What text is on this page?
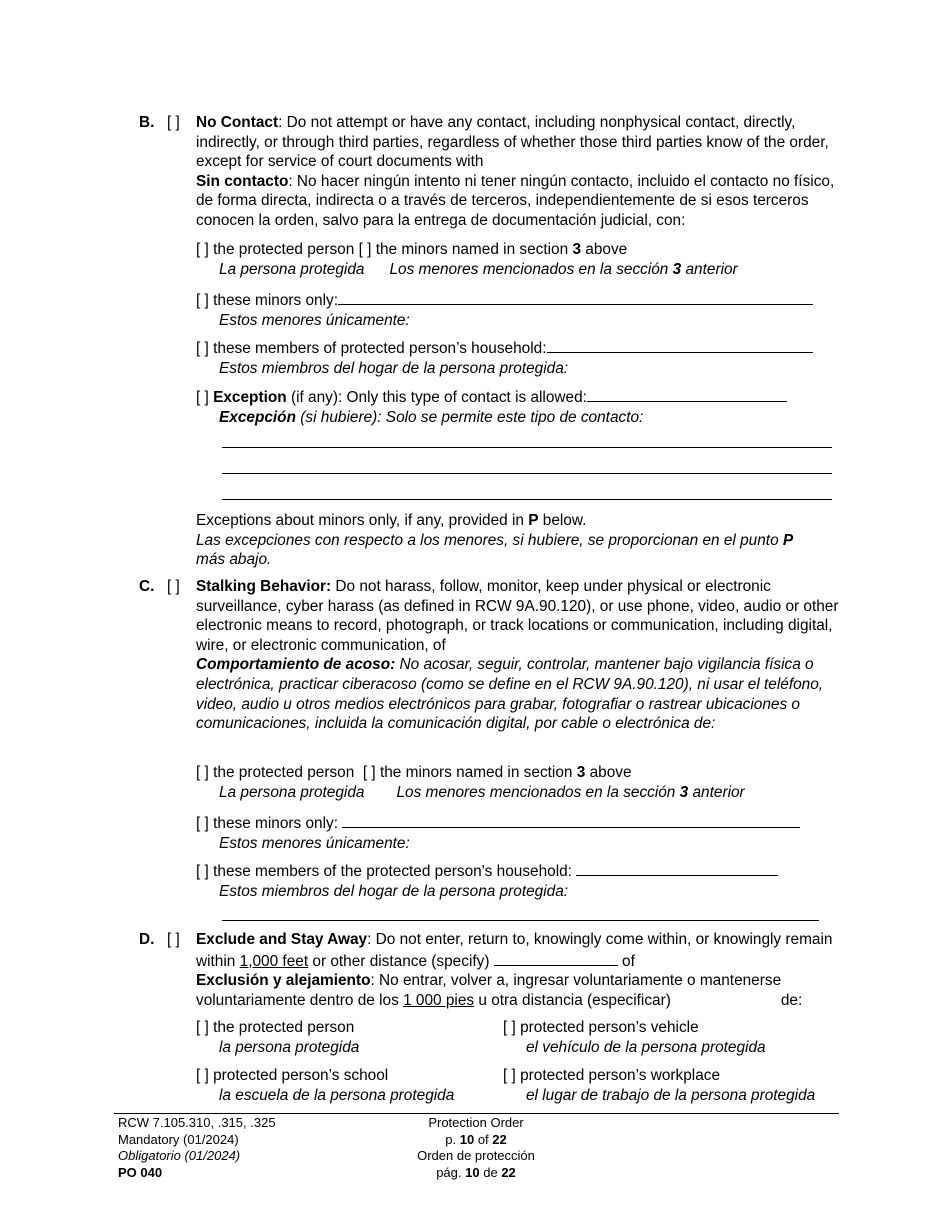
B. [ ] No Contact: Do not attempt or have any contact, including nonphysical contact, directly, indirectly, or through third parties, regardless of whether those third parties know of the order, except for service of court documents with
Sin contacto: No hacer ningún intento ni tener ningún contacto, incluido el contacto no físico, de forma directa, indirecta o a través de terceros, independientemente de si esos terceros conocen la orden, salvo para la entrega de documentación judicial, con:
[ ] the protected person [ ] the minors named in section 3 above
La persona protegida Los menores mencionados en la sección 3 anterior
[ ] these minors only:
Estos menores únicamente:
[ ] these members of protected person’s household:
Estos miembros del hogar de la persona protegida:
[ ] Exception (if any): Only this type of contact is allowed:
Excepción (si hubiere): Solo se permite este tipo de contacto:
Exceptions about minors only, if any, provided in P below.
Las excepciones con respecto a los menores, si hubiere, se proporcionan en el punto P más abajo.
C. [ ] Stalking Behavior: Do not harass, follow, monitor, keep under physical or electronic surveillance, cyber harass (as defined in RCW 9A.90.120), or use phone, video, audio or other electronic means to record, photograph, or track locations or communication, including digital, wire, or electronic communication, of
Comportamiento de acoso: No acosar, seguir, controlar, mantener bajo vigilancia física o electrónica, practicar ciberacoso (como se define en el RCW 9A.90.120), ni usar el teléfono, video, audio u otros medios electrónicos para grabar, fotografiar o rastrear ubicaciones o comunicaciones, incluida la comunicación digital, por cable o electrónica de:
[ ] the protected person [ ] the minors named in section 3 above
La persona protegida Los menores mencionados en la sección 3 anterior
[ ] these minors only:
Estos menores únicamente:
[ ] these members of the protected person's household:
Estos miembros del hogar de la persona protegida:
D. [ ] Exclude and Stay Away: Do not enter, return to, knowingly come within, or knowingly remain within 1,000 feet or other distance (specify)	of
Exclusión y alejamiento: No entrar, volver a, ingresar voluntariamente o mantenerse voluntariamente dentro de los 1 000 pies u otra distancia (especificar)	de:
[ ] the protected person
la persona protegida
[ ] protected person’s vehicle
el vehículo de la persona protegida
[ ] protected person’s school
la escuela de la persona protegida
[ ] protected person’s workplace
el lugar de trabajo de la persona protegida
RCW 7.105.310, .315, .325
Mandatory (01/2024)
Obligatorio (01/2024)
PO 040
Protection Order
p. 10 of 22
Orden de protección
pág. 10 de 22
